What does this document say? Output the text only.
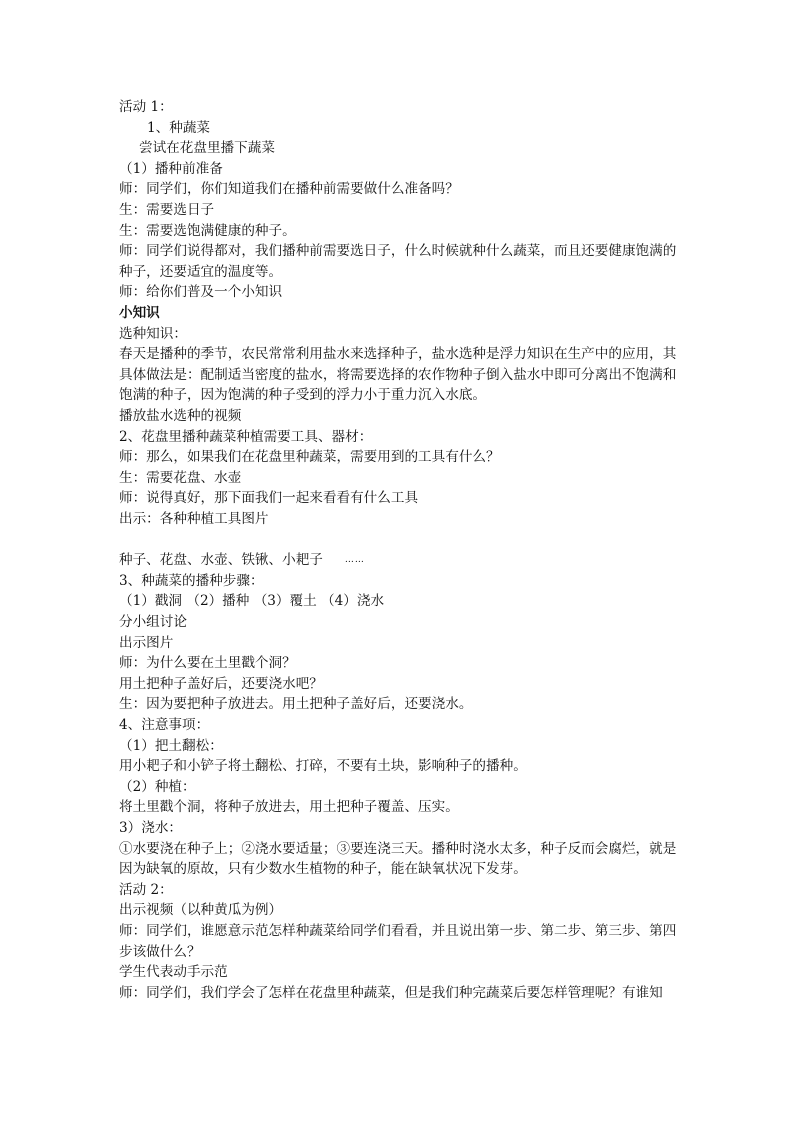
活动 1：
1、种蔬菜
尝试在花盘里播下蔬菜
（1）播种前准备
师：同学们，你们知道我们在播种前需要做什么准备吗？
生：需要选日子
生：需要选饱满健康的种子。
师：同学们说得都对，我们播种前需要选日子，什么时候就种什么蔬菜，而且还要健康饱满的种子，还要适宜的温度等。
师：给你们普及一个小知识
小知识
选种知识：
春天是播种的季节，农民常常利用盐水来选择种子，盐水选种是浮力知识在生产中的应用，其具体做法是：配制适当密度的盐水，将需要选择的农作物种子倒入盐水中即可分离出不饱满和饱满的种子，因为饱满的种子受到的浮力小于重力沉入水底。
播放盐水选种的视频
2、花盘里播种蔬菜种植需要工具、器材：
师：那么，如果我们在花盘里种蔬菜，需要用到的工具有什么？
生：需要花盘、水壶
师：说得真好，那下面我们一起来看看有什么工具
出示：各种种植工具图片
种子、花盘、水壶、铁锹、小耙子 ……
3、种蔬菜的播种步骤：
（1）戳洞 （2）播种 （3）覆土 （4）浇水
分小组讨论
出示图片
师：为什么要在土里戳个洞？
用土把种子盖好后，还要浇水吧？
生：因为要把种子放进去。用土把种子盖好后，还要浇水。
4、注意事项：
（1）把土翻松：
用小耙子和小铲子将土翻松、打碎，不要有土块，影响种子的播种。
（2）种植：
将土里戳个洞，将种子放进去，用土把种子覆盖、压实。
3）浇水：
①水要浇在种子上；②浇水要适量；③要连浇三天。播种时浇水太多，种子反而会腐烂，就是因为缺氧的原故，只有少数水生植物的种子，能在缺氧状况下发芽。
活动 2：
出示视频（以种黄瓜为例）
师：同学们，谁愿意示范怎样种蔬菜给同学们看看，并且说出第一步、第二步、第三步、第四步该做什么？
学生代表动手示范
师：同学们，我们学会了怎样在花盘里种蔬菜，但是我们种完蔬菜后要怎样管理呢？有谁知
